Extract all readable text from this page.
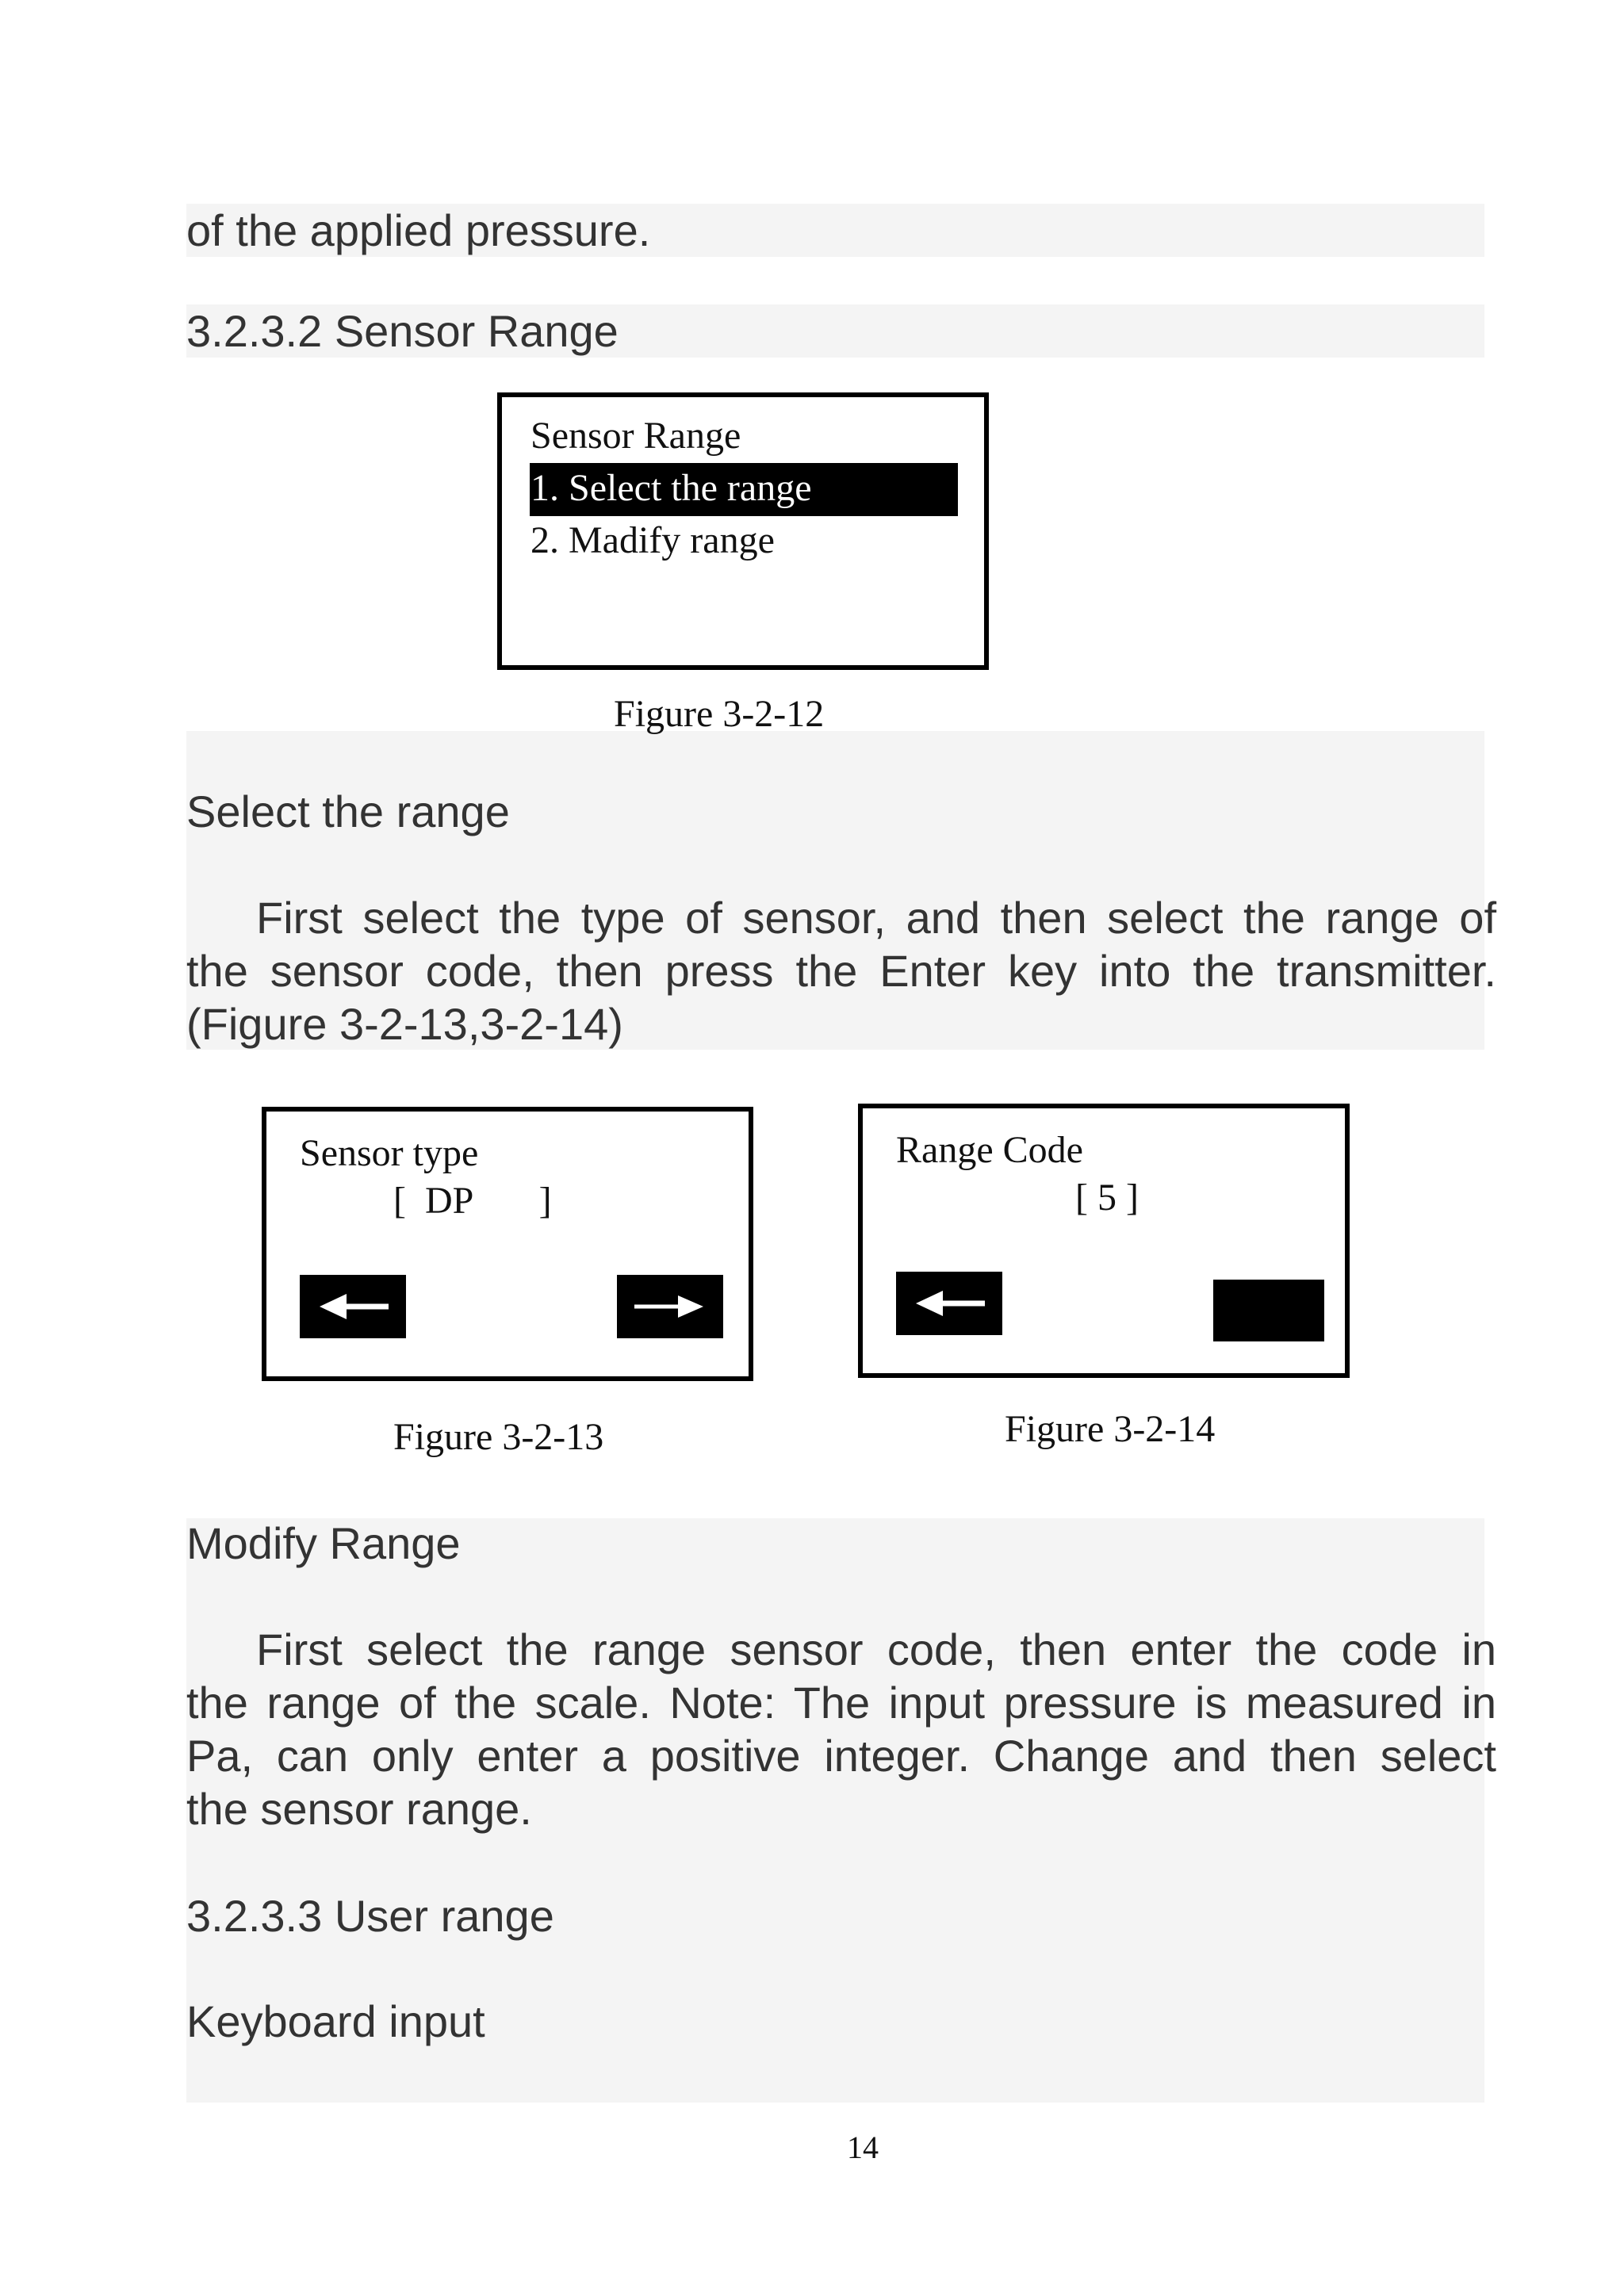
of the applied pressure.
3.2.3.2 Sensor Range
Sensor Range
1. Select the range
2. Madify range
Figure 3-2-12
Select the range
First select the type of sensor, and then select the range of
the sensor code, then press the Enter key into the transmitter.
(Figure 3-2-13,3-2-14)
Sensor type
[  DP       ]
Figure 3-2-13
Range Code
[ 5 ]
Figure 3-2-14
Modify Range
First select the range sensor code, then enter the code in
the range of the scale. Note: The input pressure is measured in
Pa, can only enter a positive integer. Change and then select
the sensor range.
3.2.3.3 User range
Keyboard input
14
